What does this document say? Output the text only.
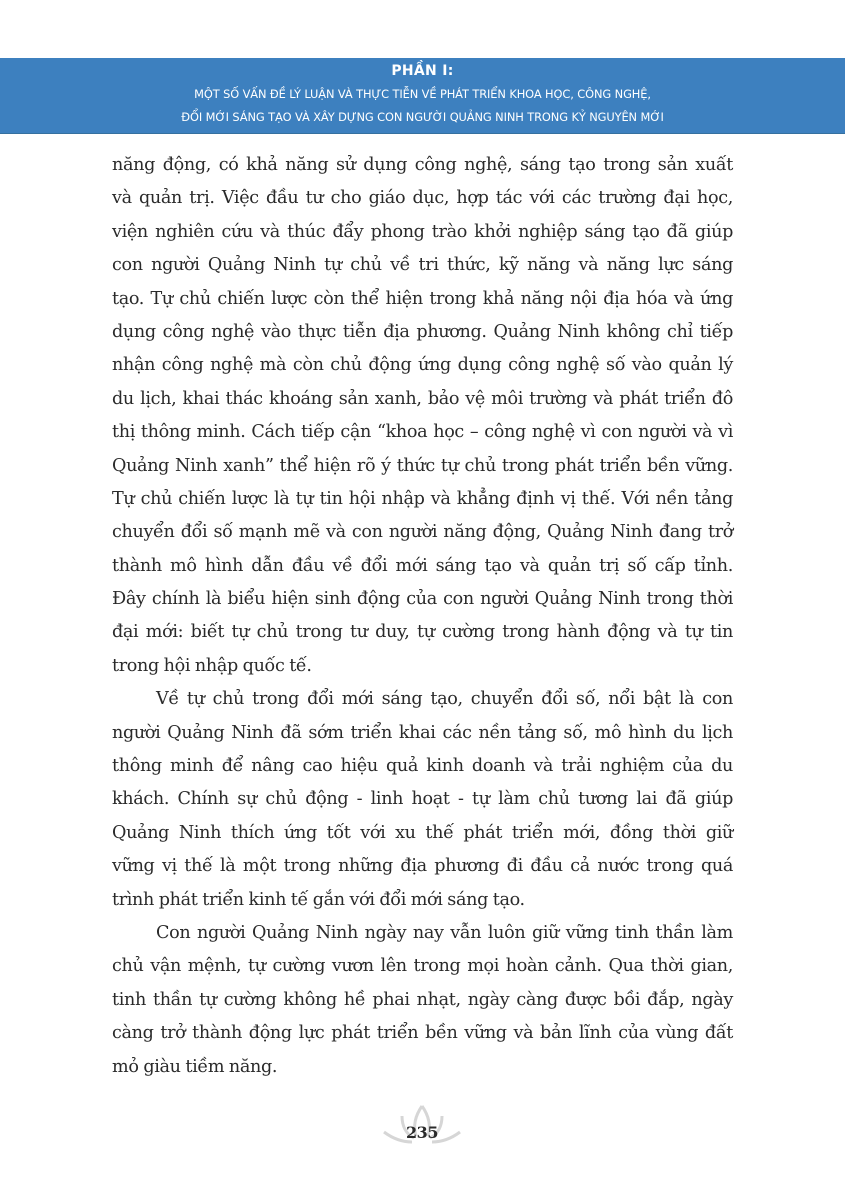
PHẦN I:
MỘT SỐ VẤN ĐỀ LÝ LUẬN VÀ THỰC TIỄN VỀ PHÁT TRIỂN KHOA HỌC, CÔNG NGHỆ,
ĐỔI MỚI SÁNG TẠO VÀ XÂY DỰNG CON NGƯỜI QUẢNG NINH TRONG KỶ NGUYÊN MỚI
năng động, có khả năng sử dụng công nghệ, sáng tạo trong sản xuất
và quản trị. Việc đầu tư cho giáo dục, hợp tác với các trường đại học,
viện nghiên cứu và thúc đẩy phong trào khởi nghiệp sáng tạo đã giúp
con người Quảng Ninh tự chủ về tri thức, kỹ năng và năng lực sáng
tạo. Tự chủ chiến lược còn thể hiện trong khả năng nội địa hóa và ứng
dụng công nghệ vào thực tiễn địa phương. Quảng Ninh không chỉ tiếp
nhận công nghệ mà còn chủ động ứng dụng công nghệ số vào quản lý
du lịch, khai thác khoáng sản xanh, bảo vệ môi trường và phát triển đô
thị thông minh. Cách tiếp cận “khoa học – công nghệ vì con người và vì
Quảng Ninh xanh” thể hiện rõ ý thức tự chủ trong phát triển bền vững.
Tự chủ chiến lược là tự tin hội nhập và khẳng định vị thế. Với nền tảng
chuyển đổi số mạnh mẽ và con người năng động, Quảng Ninh đang trở
thành mô hình dẫn đầu về đổi mới sáng tạo và quản trị số cấp tỉnh.
Đây chính là biểu hiện sinh động của con người Quảng Ninh trong thời
đại mới: biết tự chủ trong tư duy, tự cường trong hành động và tự tin
trong hội nhập quốc tế.
Về tự chủ trong đổi mới sáng tạo, chuyển đổi số, nổi bật là con
người Quảng Ninh đã sớm triển khai các nền tảng số, mô hình du lịch
thông minh để nâng cao hiệu quả kinh doanh và trải nghiệm của du
khách. Chính sự chủ động - linh hoạt - tự làm chủ tương lai đã giúp
Quảng Ninh thích ứng tốt với xu thế phát triển mới, đồng thời giữ
vững vị thế là một trong những địa phương đi đầu cả nước trong quá
trình phát triển kinh tế gắn với đổi mới sáng tạo.
Con người Quảng Ninh ngày nay vẫn luôn giữ vững tinh thần làm
chủ vận mệnh, tự cường vươn lên trong mọi hoàn cảnh. Qua thời gian,
tinh thần tự cường không hề phai nhạt, ngày càng được bồi đắp, ngày
càng trở thành động lực phát triển bền vững và bản lĩnh của vùng đất
mỏ giàu tiềm năng.
235
